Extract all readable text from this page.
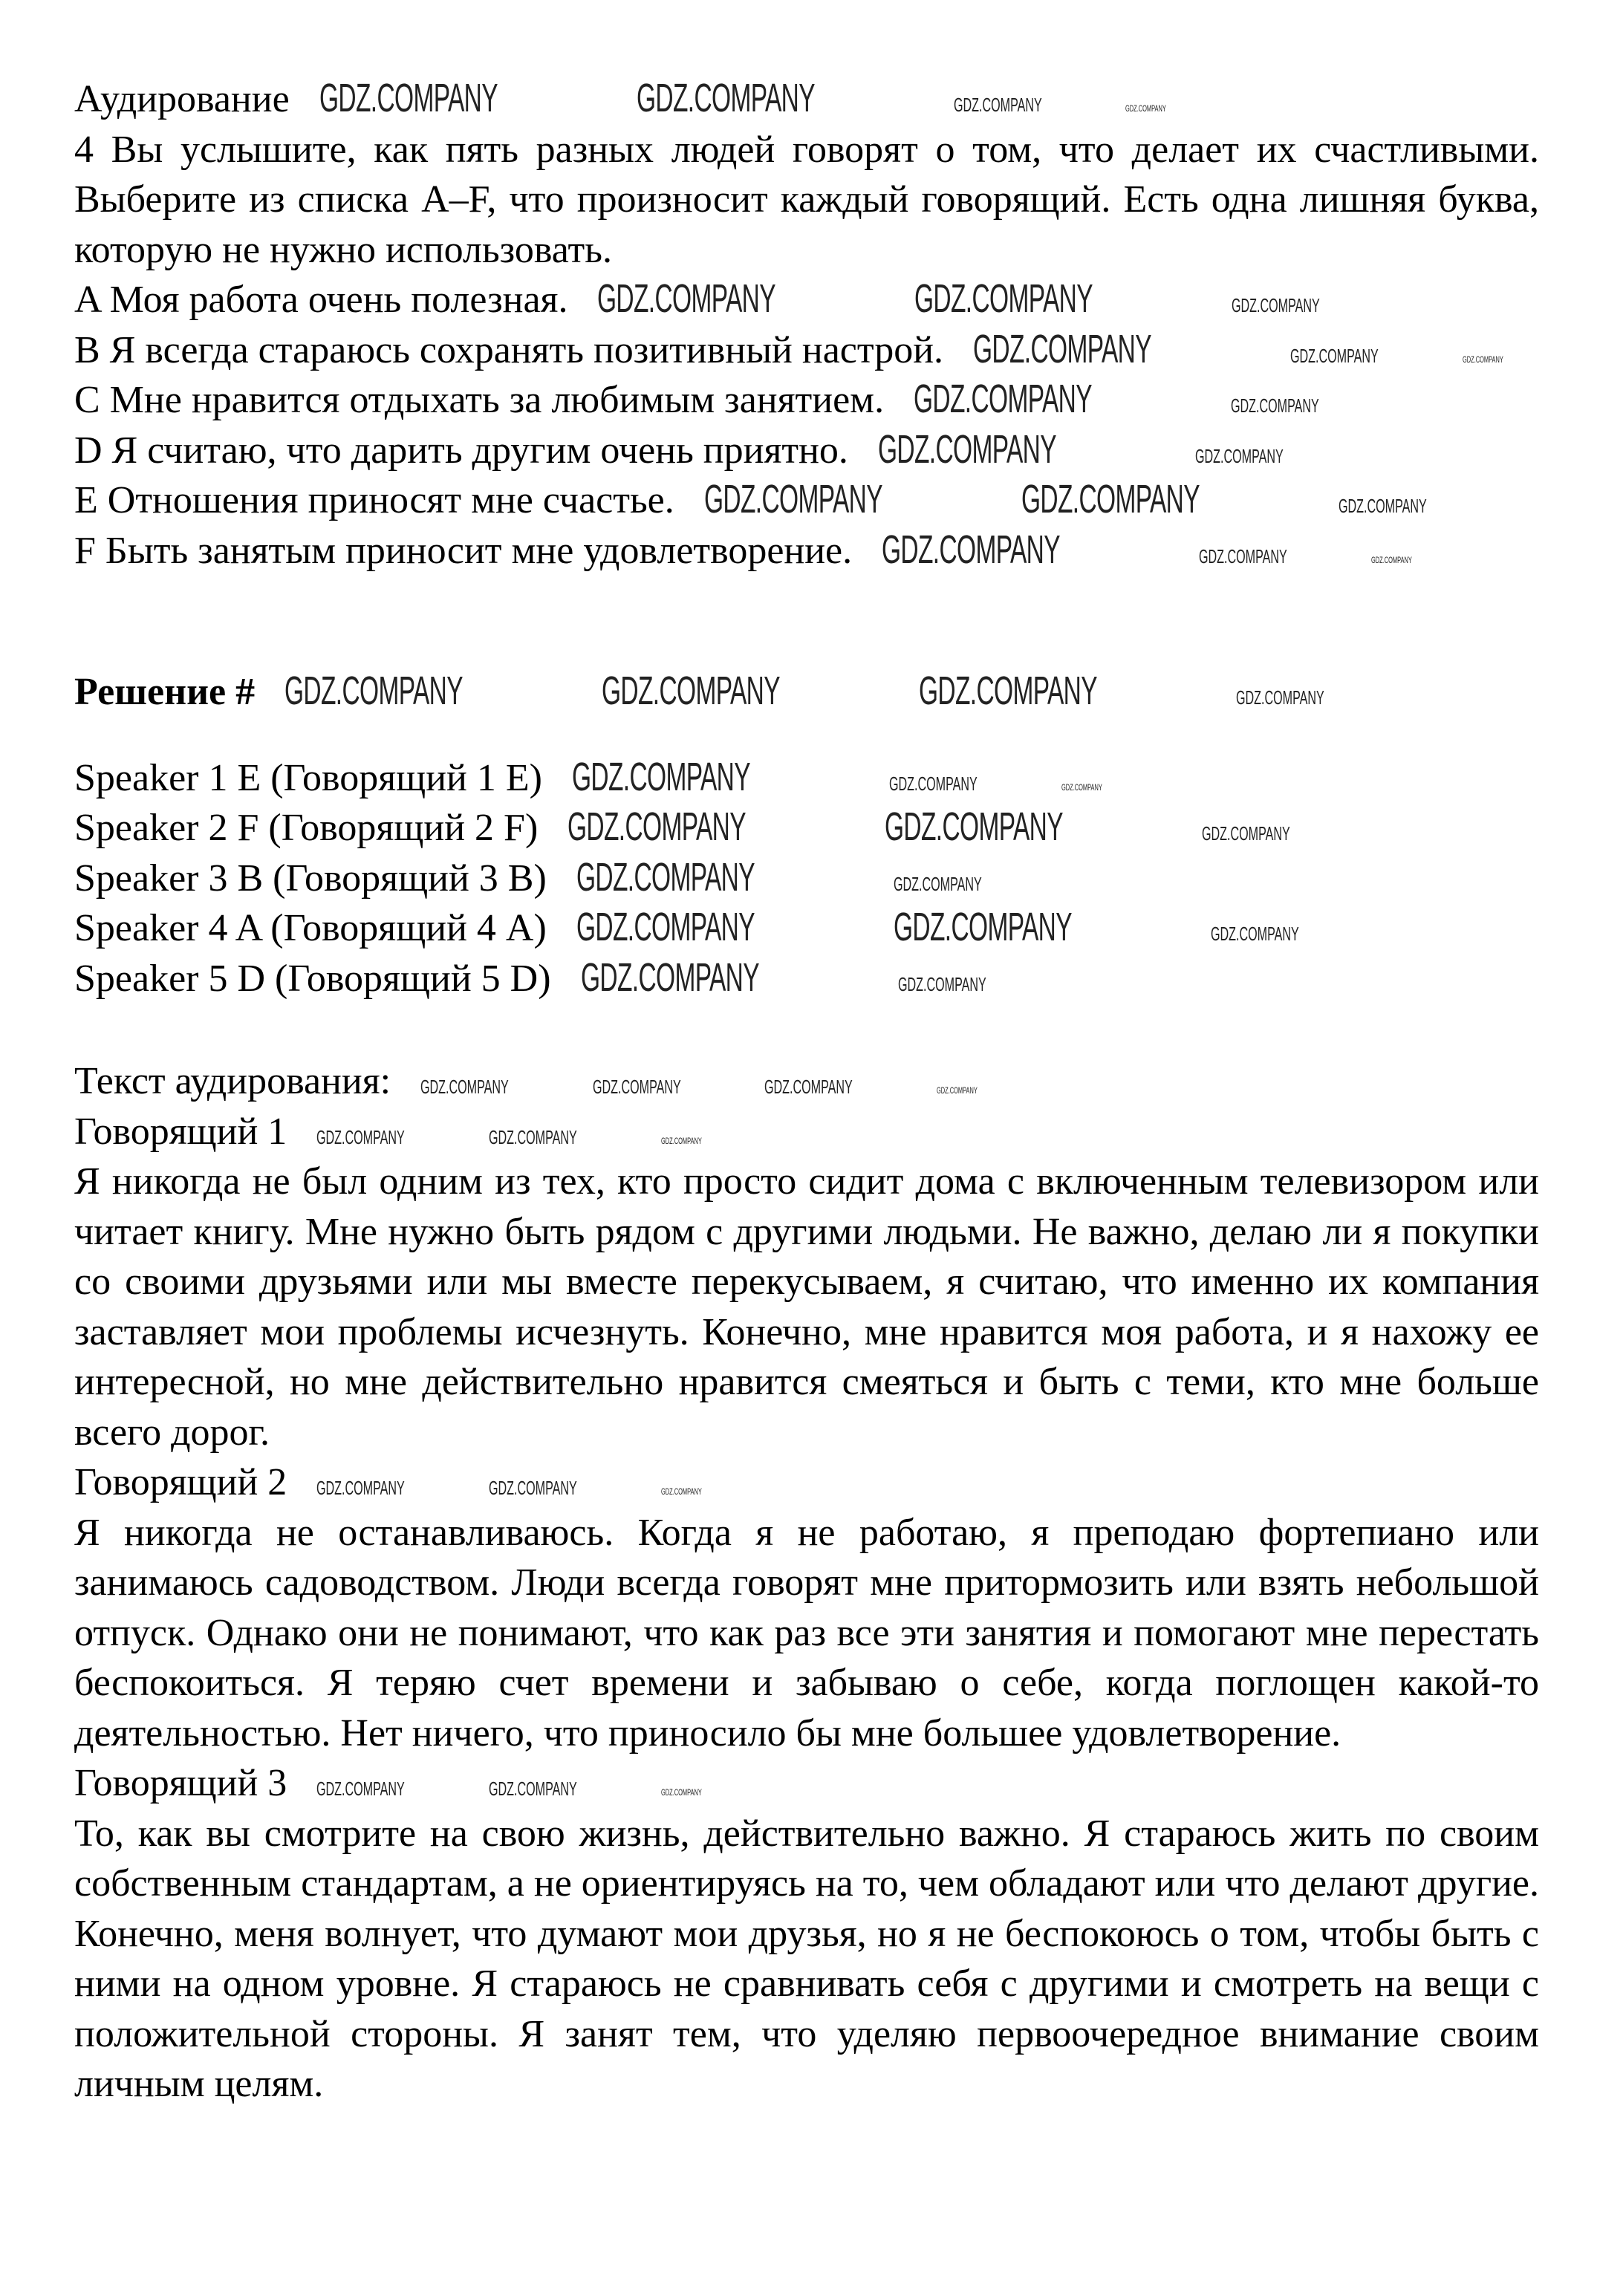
Аудирование GDZ.COMPANY	GDZ.COMPANY	GDZ.COMPANY	GDZ.COMPANY

4 Вы услышите, как пять разных людей говорят о том, что делает их счастливыми. Выберите из списка A–F, что произносит каждый говорящий. Есть одна лишняя буква, которую не нужно использовать.

A Моя работа очень полезная. GDZ.COMPANY	GDZ.COMPANY	GDZ.COMPANY
B Я всегда стараюсь сохранять позитивный настрой. GDZ.COMPANY	GDZ.COMPANY	GDZ.COMPANY
C Мне нравится отдыхать за любимым занятием. GDZ.COMPANY	GDZ.COMPANY
D Я считаю, что дарить другим очень приятно. GDZ.COMPANY	GDZ.COMPANY
E Отношения приносят мне счастье. GDZ.COMPANY	GDZ.COMPANY	GDZ.COMPANY
F Быть занятым приносит мне удовлетворение. GDZ.COMPANY	GDZ.COMPANY	GDZ.COMPANY
Решение # GDZ.COMPANY	GDZ.COMPANY	GDZ.COMPANY	GDZ.COMPANY
Speaker 1 E (Говорящий 1 E) GDZ.COMPANY	GDZ.COMPANY	GDZ.COMPANY
Speaker 2 F (Говорящий 2 F) GDZ.COMPANY	GDZ.COMPANY	GDZ.COMPANY
Speaker 3 B (Говорящий 3 B) GDZ.COMPANY	GDZ.COMPANY
Speaker 4 A (Говорящий 4 A) GDZ.COMPANY	GDZ.COMPANY	GDZ.COMPANY
Speaker 5 D (Говорящий 5 D) GDZ.COMPANY	GDZ.COMPANY
Текст аудирования: GDZ.COMPANY	GDZ.COMPANY	GDZ.COMPANY	GDZ.COMPANY
Говорящий 1 GDZ.COMPANY	GDZ.COMPANY	GDZ.COMPANY

Я никогда не был одним из тех, кто просто сидит дома с включенным телевизором или читает книгу. Мне нужно быть рядом с другими людьми. Не важно, делаю ли я покупки со своими друзьями или мы вместе перекусываем, я считаю, что именно их компания заставляет мои проблемы исчезнуть. Конечно, мне нравится моя работа, и я нахожу ее интересной, но мне действительно нравится смеяться и быть с теми, кто мне больше всего дорог.

Говорящий 2 GDZ.COMPANY	GDZ.COMPANY	GDZ.COMPANY

Я никогда не останавливаюсь. Когда я не работаю, я преподаю фортепиано или занимаюсь садоводством. Люди всегда говорят мне притормозить или взять небольшой отпуск. Однако они не понимают, что как раз все эти занятия и помогают мне перестать беспокоиться. Я теряю счет времени и забываю о себе, когда поглощен какой-то деятельностью. Нет ничего, что приносило бы мне большее удовлетворение.

Говорящий 3 GDZ.COMPANY	GDZ.COMPANY	GDZ.COMPANY

То, как вы смотрите на свою жизнь, действительно важно. Я стараюсь жить по своим собственным стандартам, а не ориентируясь на то, чем обладают или что делают другие. Конечно, меня волнует, что думают мои друзья, но я не беспокоюсь о том, чтобы быть с ними на одном уровне. Я стараюсь не сравнивать себя с другими и смотреть на вещи с положительной стороны. Я занят тем, что уделяю первоочередное внимание своим личным целям.
